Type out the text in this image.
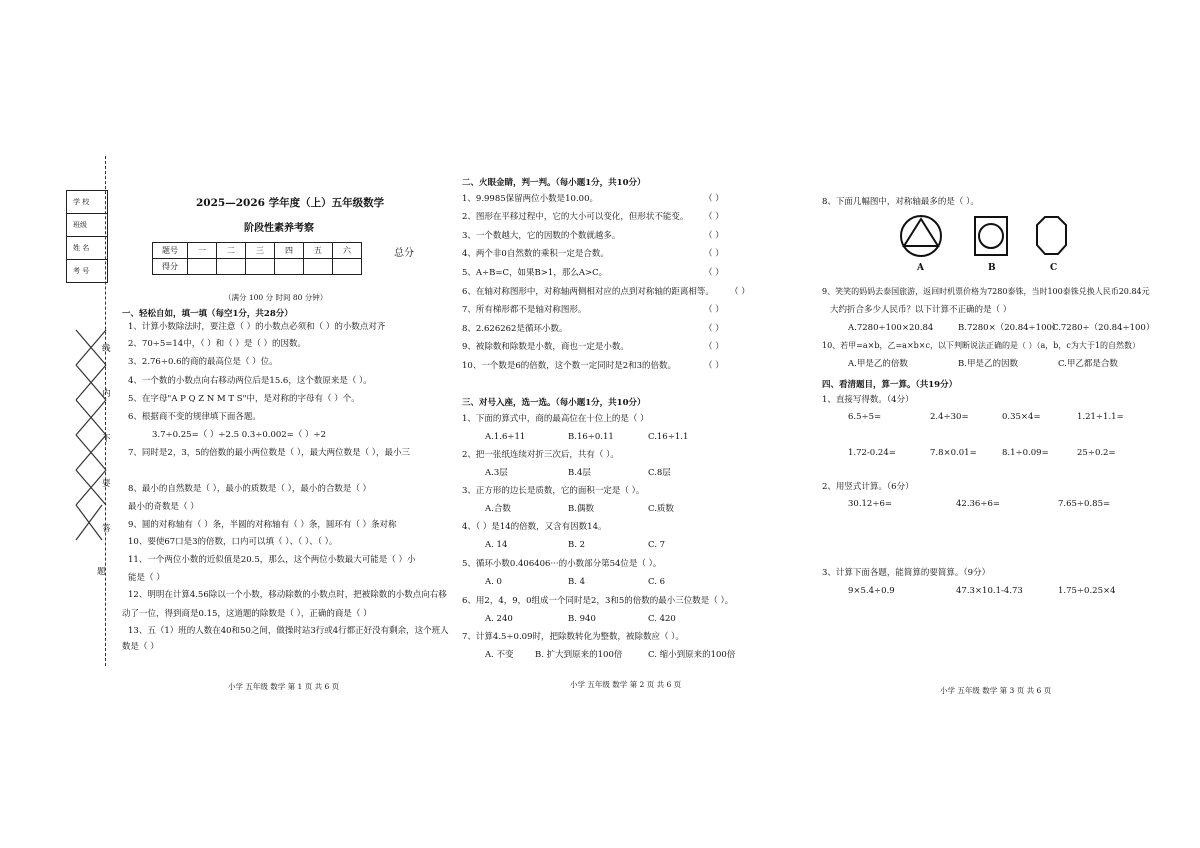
学 校
班级
姓 名
考 号
线
内
不
要
答
题
2025—2026 学年度（上）五年级数学
阶段性素养考察
题号	一	二	三	四	五	六
得分						
总分
（满分 100 分 时间 80 分钟）
一、轻松自如，填一填（每空1分，共28分）
1、计算小数除法时，要注意（ ）的小数点必须和（ ）的小数点对齐
2、70÷5=14中，（ ）和（ ）是（ ）的因数。
3、2.76÷0.6的商的最高位是（ ）位。
4、一个数的小数点向右移动两位后是15.6，这个数原来是（ ）。
5、在字母"A P Q Z N M T S"中，是对称的字母有（ ）个。
6、根据商不变的规律填下面各题。
3.7÷0.25=（ ）÷2.5 0.3÷0.002=（ ）÷2
7、同时是2，3，5的倍数的最小两位数是（ ），最大两位数是（ ），最小三
8、最小的自然数是（ ），最小的质数是（ ），最小的合数是（ ）
最小的奇数是（ ）
9、圆的对称轴有（ ）条，半圆的对称轴有（ ）条，圆环有（ ）条对称
10、要使67口是3的倍数，口内可以填（ ）、（ ）、（ ）。
11、一个两位小数的近似值是20.5，那么，这个两位小数最大可能是（ ）小
能是（ ）
12、明明在计算4.56除以一个小数，移动除数的小数点时，把被除数的小数点向右移
动了一位，得到商是0.15，这道题的除数是（ ），正确的商是（ ）
13、五（1）班的人数在40和50之间，做操时站3行或4行都正好没有剩余，这个班人
数是（ ）
小学 五年级 数学 第 1 页 共 6 页
二、火眼金睛，判一判。（每小题1分，共10分）
1、9.9985保留两位小数是10.00。
2、图形在平移过程中，它的大小可以变化，但形状不能变。
3、一个数越大，它的因数的个数就越多。
4、两个非0自然数的乘积一定是合数。
5、A÷B=C，如果B>1，那么A>C。
6、在轴对称图形中，对称轴两侧相对应的点到对称轴的距离相等。
7、所有梯形都不是轴对称图形。
8、2.626262是循环小数。
9、被除数和除数是小数，商也一定是小数。
10、一个数是6的倍数，这个数一定同时是2和3的倍数。
（ ）
（ ）
（ ）
（ ）
（ ）
（ ）
（ ）
（ ）
（ ）
（ ）
三、对号入座，选一选。（每小题1分，共10分）
1、下面的算式中，商的最高位在十位上的是（ ）
A.1.6÷11	B.16÷0.11	C.16÷1.1
2、把一张纸连续对折三次后，共有（ ）。
A.3层	B.4层	C.8层
3、正方形的边长是质数，它的面积一定是（ ）。
A.合数	B.偶数	C.质数
4、（ ）是14的倍数，又含有因数14。
A. 14	B. 2	C. 7
5、循环小数0.406406···的小数部分第54位是（ ）。
A. 0	B. 4	C. 6
6、用2，4，9，0组成一个同时是2，3和5的倍数的最小三位数是（ ）。
A. 240	B. 940	C. 420
7、计算4.5÷0.09时，把除数转化为整数，被除数应（ ）。
A. 不变	B. 扩大到原来的100倍	C. 缩小到原来的100倍
小学 五年级 数学 第 2 页 共 6 页
8、下面几幅图中，对称轴最多的是（ ）。
A	B	C
9、笑笑的妈妈去泰国旅游，返回时机票价格为7280泰铢，当时100泰铢兑换人民币20.84元
大约折合多少人民币？以下计算不正确的是（ ）
A.7280÷100×20.84	B.7280×（20.84÷100）
C.7280÷（20.84÷100）
10、若甲=a×b，乙=a×b×c，以下判断说法正确的是（ ）（a，b，c为大于1的自然数）
A.甲是乙的倍数	B.甲是乙的因数	C.甲乙都是合数
四、看清题目，算一算。（共19分）
1、直接写得数。（4分）
6.5÷5=	2.4÷30=	0.35×4=	1.21÷1.1=
1.72-0.24=	7.8×0.01=	8.1÷0.09=	25÷0.2=
2、用竖式计算。（6分）
30.12÷6=	42.36÷6=	7.65÷0.85=
3、计算下面各题，能简算的要简算。（9分）
9×5.4÷0.9	47.3×10.1-4.73	1.75÷0.25×4
小学 五年级 数学 第 3 页 共 6 页
